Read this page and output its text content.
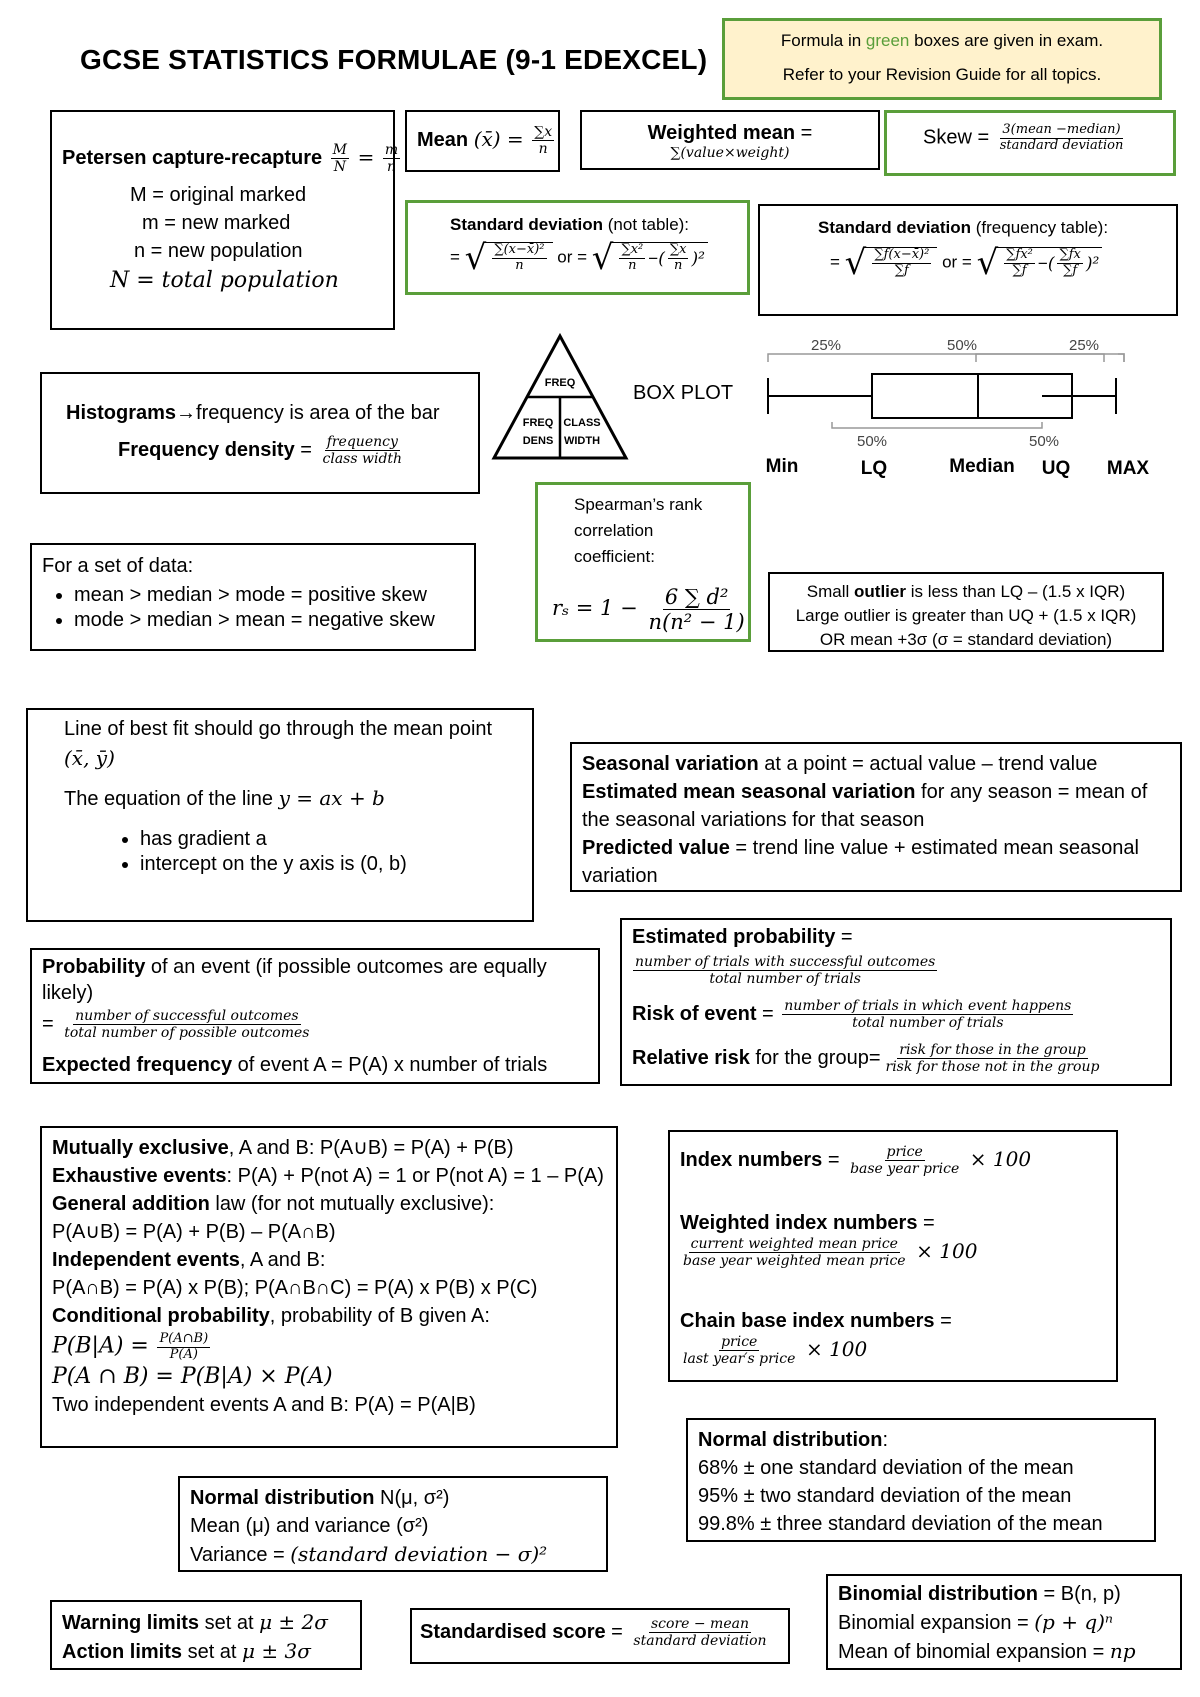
GCSE STATISTICS FORMULAE (9-1 EDEXCEL)
Formula in green boxes are given in exam.
Refer to your Revision Guide for all topics.
Petersen capture-recapture $\frac{M}{N} = \frac{m}{n}$
M = original marked
m = new marked
n = new population
N = total population
Mean (x̄) = $\frac{\sum x}{n}$	Weighted mean =
∑(value×weight)
Skew = $\frac{\text{3(mean −median)}}{\text{standard deviation}}$
Standard deviation (not table):
= √ $\frac{\text{∑(x−x̄)²}}{n}$ or = √ $\frac{\text{∑x²}}{n}$ − ( $\frac{\sum x}{n} )^2$
Standard deviation (frequency table):
= √ $\frac{\text{∑f(x−x̄)²}}{\sum f}$ or = √ $\frac{\text{∑fx²}}{\sum f}$ − ( $\frac{\sum fx}{\sum f} )^2$
Histograms→frequency is area of the bar
Frequency density = $\frac{\text{frequency}}{\text{class width}}$
FREQ
FREQ
DENS
CLASS
WIDTH
BOX PLOT
25%	50%	25%
50%	50%
Min	LQ	Median UQ MAX
For a set of data:
• mean > median > mode = positive skew
• mode > median > mean = negative skew
Spearman’s rank
correlation
coefficient:
$r_s = 1 - \frac{\text{6 ∑ d²}}{\text{n(n² − 1)}}$	Small outlier is less than LQ – (1.5 x IQR)
Large outlier is greater than UQ + (1.5 x IQR)
OR mean +3σ (σ = standard deviation)
Line of best fit should go through the mean point
(x̄, ȳ)
The equation of the line y = ax + b
• has gradient a
• intercept on the y axis is (0, b)
Seasonal variation at a point = actual value – trend value
Estimated mean seasonal variation for any season = mean of
the seasonal variations for that season
Predicted value = trend line value + estimated mean seasonal
variation
Probability of an event (if possible outcomes are equally
likely)
= $\frac{\text{number of successful outcomes}}{\text{total number of possible outcomes}}$
Expected frequency of event A = P(A) x number of trials
Estimated probability =
$\frac{\text{number of trials with successful outcomes}}{\text{total number of trials}}$
Risk of event = $\frac{\text{number of trials in which event happens}}{\text{total number of trials}}$
Relative risk for the group= $\frac{\text{risk for those in the group}}{\text{risk for those not in the group}}$
Mutually exclusive, A and B: P(A∪B) = P(A) + P(B)
Exhaustive events: P(A) + P(not A) = 1 or P(not A) = 1 – P(A)
General addition law (for not mutually exclusive):
P(A∪B) = P(A) + P(B) – P(A∩B)
Independent events, A and B:
P(A∩B) = P(A) x P(B); P(A∩B∩C) = P(A) x P(B) x P(C)
Conditional probability, probability of B given A:
$P(B|A) = \frac{P(A\cap B)}{P(A)}$
P(A ∩ B) = P(B|A) × P(A)
Two independent events A and B: P(A) = P(A|B)
Index numbers = $\frac{\text{price}}{\text{base year price}} \times 100$
Weighted index numbers =
$\frac{\text{current weighted mean price}}{\text{base year weighted mean price}} \times 100$
Chain base index numbers =
$\frac{\text{price}}{\text{last year′s price}} \times 100$
Normal distribution:
68% ± one standard deviation of the mean
95% ± two standard deviation of the mean
99.8% ± three standard deviation of the mean
Normal distribution N(μ, σ²)
Mean (μ) and variance (σ²)
Variance = (standard deviation − σ)²
Binomial distribution = B(n, p)
Binomial expansion = (p + q)ⁿ
Mean of binomial expansion = np
Warning limits set at μ ± 2σ
Action limits set at μ ± 3σ
Standardised score = $\frac{\text{score − mean}}{\text{standard deviation}}$
